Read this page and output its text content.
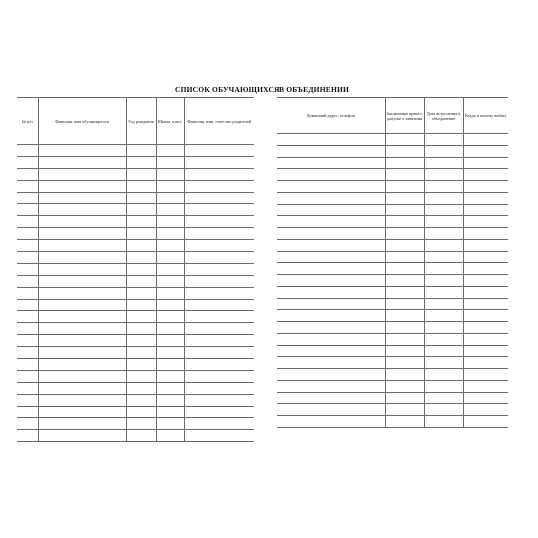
СПИСОК ОБУЧАЮЩИХСЯ В ОБЪЕДИНЕНИИ
№ п/п	Фамилия, имя обучающегося	Год рождения	Школа, класс	Фамилия, имя, отчество родителей

Домашний адрес, телефон	Заключение врача о допуске к занятиям	Дата вступления в объединение	Когда и почему выбыл
